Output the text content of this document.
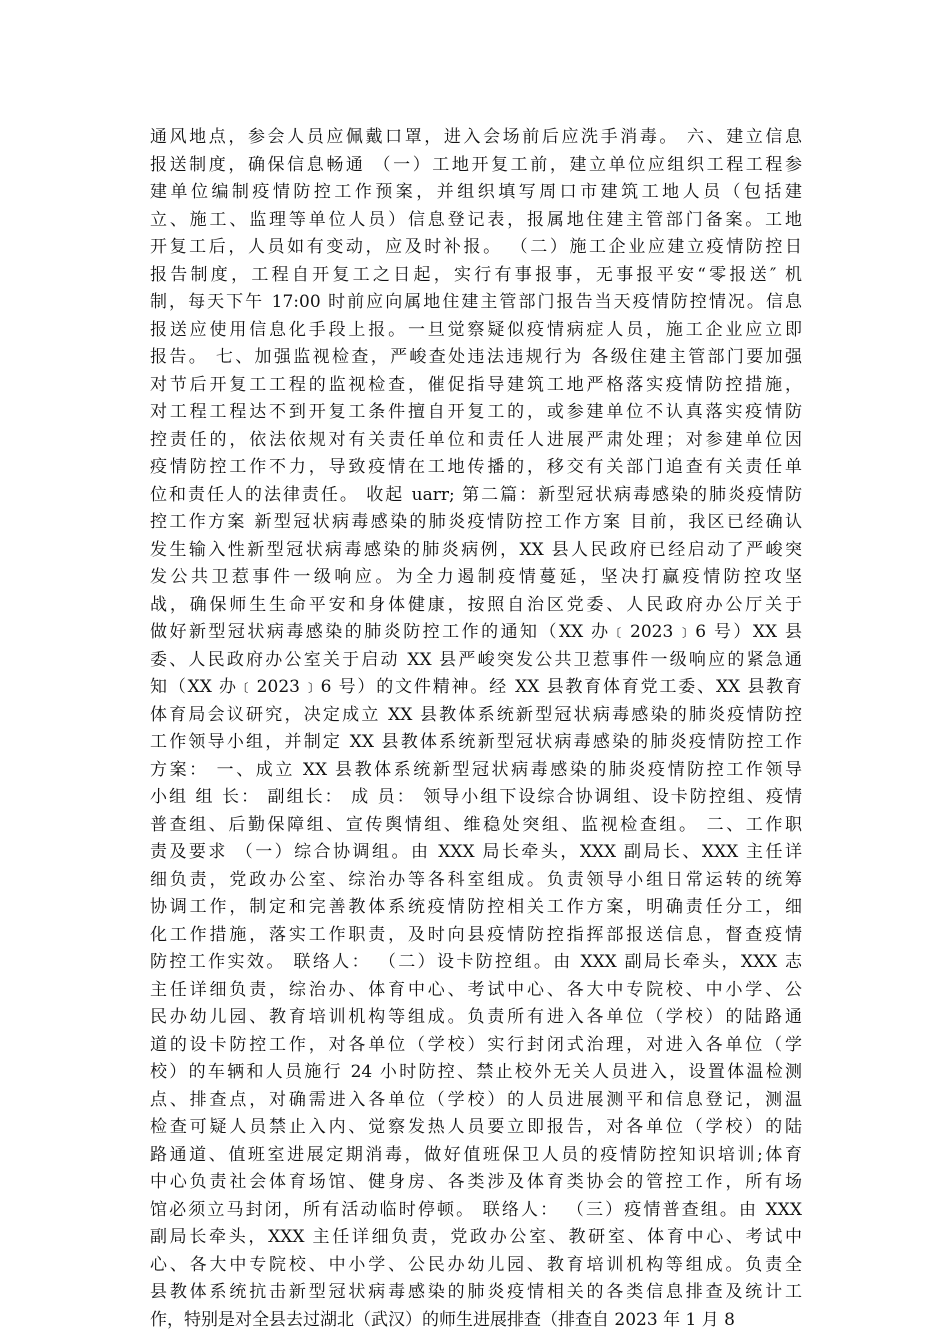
通风地点，参会人员应佩戴口罩，进入会场前后应洗手消毒。 六、建立信息
报送制度，确保信息畅通 （一）工地开复工前，建立单位应组织工程工程参
建单位编制疫情防控工作预案，并组织填写周口市建筑工地人员（包括建
立、施工、监理等单位人员）信息登记表，报属地住建主管部门备案。工地
开复工后，人员如有变动，应及时补报。 （二）施工企业应建立疫情防控日
报告制度，工程自开复工之日起，实行有事报事，无事报平安“零报送″ 机
制，每天下午 17:00 时前应向属地住建主管部门报告当天疫情防控情况。信息
报送应使用信息化手段上报。一旦觉察疑似疫情病症人员，施工企业应立即
报告。 七、加强监视检查，严峻查处违法违规行为 各级住建主管部门要加强
对节后开复工工程的监视检查，催促指导建筑工地严格落实疫情防控措施，
对工程工程达不到开复工条件擅自开复工的，或参建单位不认真落实疫情防
控责任的，依法依规对有关责任单位和责任人进展严肃处理；对参建单位因
疫情防控工作不力，导致疫情在工地传播的，移交有关部门追查有关责任单
位和责任人的法律责任。 收起 uarr; 第二篇：新型冠状病毒感染的肺炎疫情防
控工作方案 新型冠状病毒感染的肺炎疫情防控工作方案 目前，我区已经确认
发生输入性新型冠状病毒感染的肺炎病例，XX 县人民政府已经启动了严峻突
发公共卫惹事件一级响应。为全力遏制疫情蔓延，坚决打赢疫情防控攻坚
战，确保师生生命平安和身体健康，按照自治区党委、人民政府办公厅关于
做好新型冠状病毒感染的肺炎防控工作的通知（XX 办﹝2023﹞6 号）XX 县
委、人民政府办公室关于启动 XX 县严峻突发公共卫惹事件一级响应的紧急通
知（XX 办﹝2023﹞6 号）的文件精神。经 XX 县教育体育党工委、XX 县教育
体育局会议研究，决定成立 XX 县教体系统新型冠状病毒感染的肺炎疫情防控
工作领导小组，并制定 XX 县教体系统新型冠状病毒感染的肺炎疫情防控工作
方案： 一、成立 XX 县教体系统新型冠状病毒感染的肺炎疫情防控工作领导
小组 组 长： 副组长： 成 员： 领导小组下设综合协调组、设卡防控组、疫情
普查组、后勤保障组、宣传舆情组、维稳处突组、监视检查组。 二、工作职
责及要求 （一）综合协调组。由 XXX 局长牵头，XXX 副局长、XXX 主任详
细负责，党政办公室、综治办等各科室组成。负责领导小组日常运转的统筹
协调工作，制定和完善教体系统疫情防控相关工作方案，明确责任分工，细
化工作措施，落实工作职责，及时向县疫情防控指挥部报送信息，督查疫情
防控工作实效。 联络人： （二）设卡防控组。由 XXX 副局长牵头，XXX 志
主任详细负责，综治办、体育中心、考试中心、各大中专院校、中小学、公
民办幼儿园、教育培训机构等组成。负责所有进入各单位（学校）的陆路通
道的设卡防控工作，对各单位（学校）实行封闭式治理，对进入各单位（学
校）的车辆和人员施行 24 小时防控、禁止校外无关人员进入，设置体温检测
点、排查点，对确需进入各单位（学校）的人员进展测平和信息登记，测温
检查可疑人员禁止入内、觉察发热人员要立即报告，对各单位（学校）的陆
路通道、值班室进展定期消毒，做好值班保卫人员的疫情防控知识培训;体育
中心负责社会体育场馆、健身房、各类涉及体育类协会的管控工作，所有场
馆必须立马封闭，所有活动临时停顿。 联络人： （三）疫情普查组。由 XXX
副局长牵头，XXX 主任详细负责，党政办公室、教研室、体育中心、考试中
心、各大中专院校、中小学、公民办幼儿园、教育培训机构等组成。负责全
县教体系统抗击新型冠状病毒感染的肺炎疫情相关的各类信息排查及统计工
作，特别是对全县去过湖北（武汉）的师生进展排查（排查自 2023 年 1 月 8
